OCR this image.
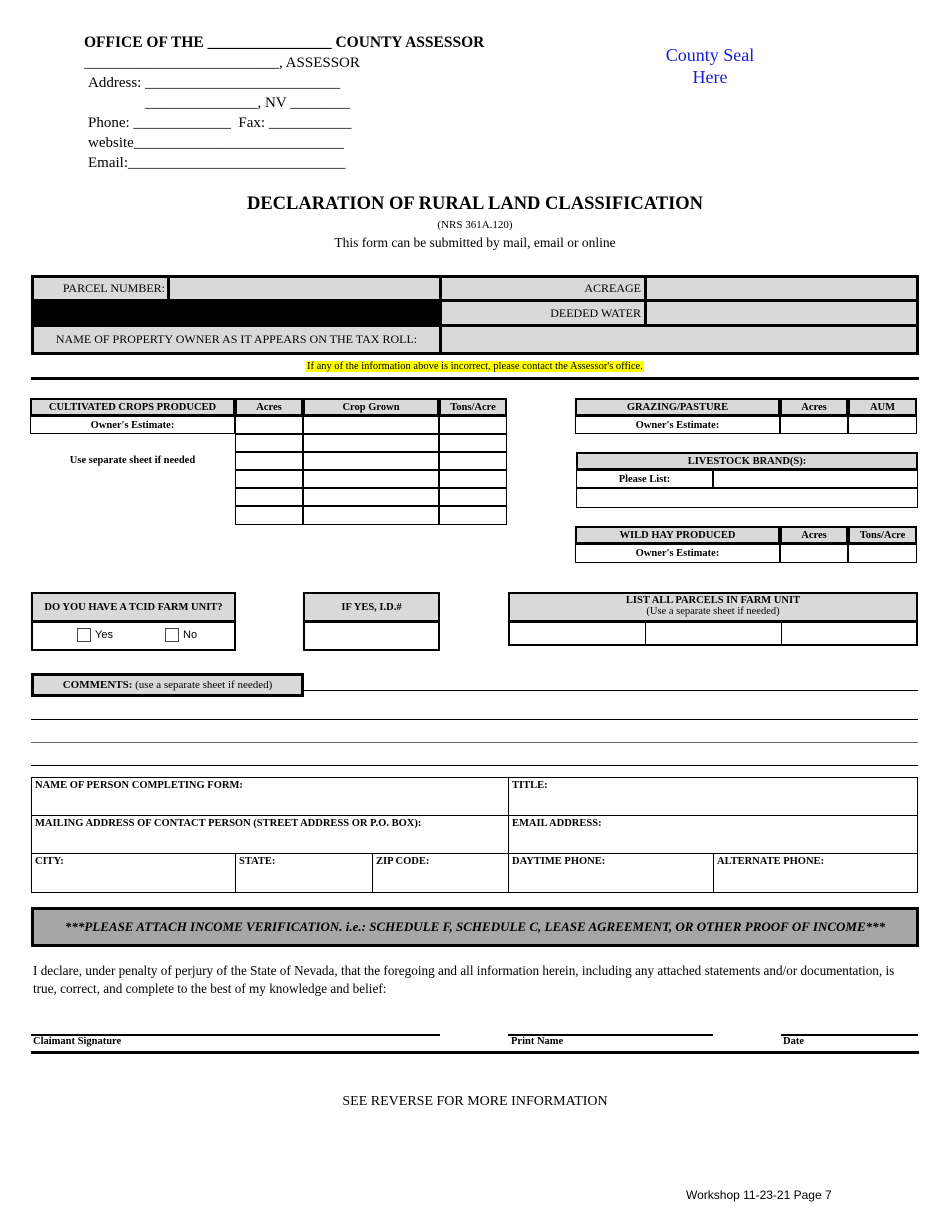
OFFICE OF THE ________________ COUNTY ASSESSOR
__________________________, ASSESSOR
Address: __________________________
_______________, NV ________
Phone: _____________  Fax: ___________
website____________________________
Email:_____________________________
County Seal
Here
DECLARATION OF RURAL LAND CLASSIFICATION
(NRS 361A.120)
This form can be submitted by mail, email or online
PARCEL NUMBER:	ACREAGE
DEEDED WATER
NAME OF PROPERTY OWNER AS IT APPEARS ON THE TAX ROLL:
If any of the information above is incorrect, please contact the Assessor's office.
CULTIVATED CROPS PRODUCED	Acres	Crop Grown	Tons/Acre
Owner's Estimate:
Use separate sheet if needed
GRAZING/PASTURE	Acres	AUM
Owner's Estimate:
LIVESTOCK BRAND(S):
Please List:
WILD HAY PRODUCED	Acres	Tons/Acre
Owner's Estimate:
DO YOU HAVE A TCID FARM UNIT?
Yes	No
IF YES, I.D.#
LIST ALL PARCELS IN FARM UNIT
(Use a separate sheet if needed)
COMMENTS: (use a separate sheet if needed)
NAME OF PERSON COMPLETING FORM:	TITLE:
MAILING ADDRESS OF CONTACT PERSON (STREET ADDRESS OR P.O. BOX):	EMAIL ADDRESS:
CITY:	STATE:	ZIP CODE:	DAYTIME PHONE:	ALTERNATE PHONE:
***PLEASE ATTACH INCOME VERIFICATION. i.e.: SCHEDULE F, SCHEDULE C, LEASE AGREEMENT, OR OTHER PROOF OF INCOME***
I declare, under penalty of perjury of the State of Nevada, that the foregoing and all information herein, including any attached statements and/or documentation, is true, correct, and complete to the best of my knowledge and belief:
Claimant Signature	Print Name	Date
SEE REVERSE FOR MORE INFORMATION
Workshop 11-23-21 Page 7
